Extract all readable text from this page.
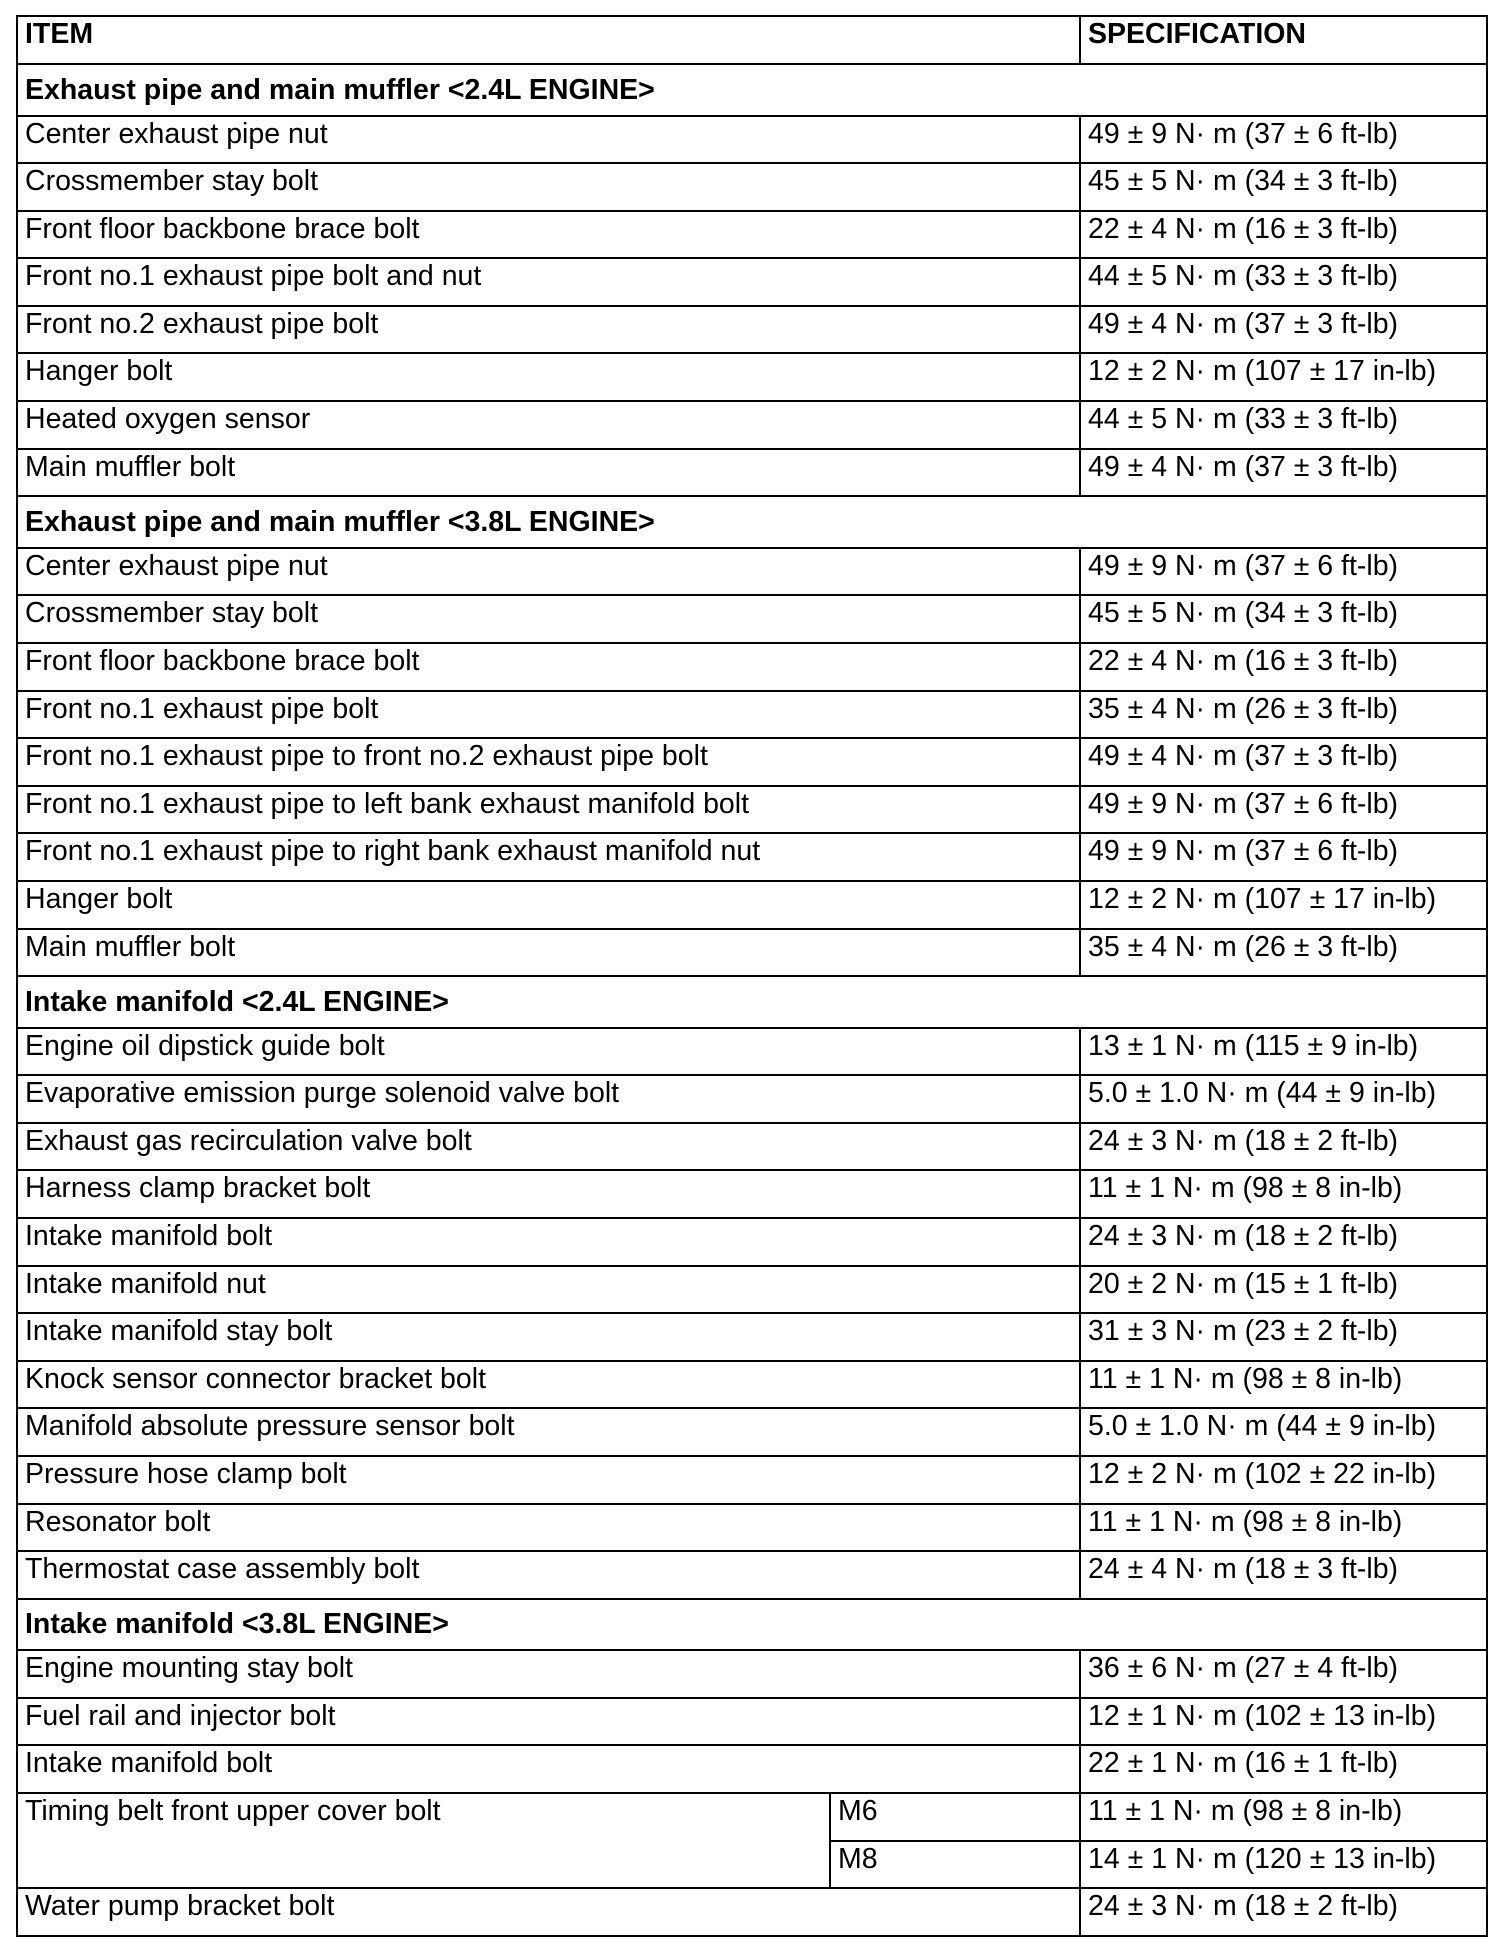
ITEM		SPECIFICATION
Exhaust pipe and main muffler <2.4L ENGINE>		
Center exhaust pipe nut		49 ± 9 N· m (37 ± 6 ft-lb)
Crossmember stay bolt		45 ± 5 N· m (34 ± 3 ft-lb)
Front floor backbone brace bolt		22 ± 4 N· m (16 ± 3 ft-lb)
Front no.1 exhaust pipe bolt and nut		44 ± 5 N· m (33 ± 3 ft-lb)
Front no.2 exhaust pipe bolt		49 ± 4 N· m (37 ± 3 ft-lb)
Hanger bolt		12 ± 2 N· m (107 ± 17 in-lb)
Heated oxygen sensor		44 ± 5 N· m (33 ± 3 ft-lb)
Main muffler bolt		49 ± 4 N· m (37 ± 3 ft-lb)
Exhaust pipe and main muffler <3.8L ENGINE>		
Center exhaust pipe nut		49 ± 9 N· m (37 ± 6 ft-lb)
Crossmember stay bolt		45 ± 5 N· m (34 ± 3 ft-lb)
Front floor backbone brace bolt		22 ± 4 N· m (16 ± 3 ft-lb)
Front no.1 exhaust pipe bolt		35 ± 4 N· m (26 ± 3 ft-lb)
Front no.1 exhaust pipe to front no.2 exhaust pipe bolt		49 ± 4 N· m (37 ± 3 ft-lb)
Front no.1 exhaust pipe to left bank exhaust manifold bolt		49 ± 9 N· m (37 ± 6 ft-lb)
Front no.1 exhaust pipe to right bank exhaust manifold nut		49 ± 9 N· m (37 ± 6 ft-lb)
Hanger bolt		12 ± 2 N· m (107 ± 17 in-lb)
Main muffler bolt		35 ± 4 N· m (26 ± 3 ft-lb)
Intake manifold <2.4L ENGINE>		
Engine oil dipstick guide bolt		13 ± 1 N· m (115 ± 9 in-lb)
Evaporative emission purge solenoid valve bolt		5.0 ± 1.0 N· m (44 ± 9 in-lb)
Exhaust gas recirculation valve bolt		24 ± 3 N· m (18 ± 2 ft-lb)
Harness clamp bracket bolt		11 ± 1 N· m (98 ± 8 in-lb)
Intake manifold bolt		24 ± 3 N· m (18 ± 2 ft-lb)
Intake manifold nut		20 ± 2 N· m (15 ± 1 ft-lb)
Intake manifold stay bolt		31 ± 3 N· m (23 ± 2 ft-lb)
Knock sensor connector bracket bolt		11 ± 1 N· m (98 ± 8 in-lb)
Manifold absolute pressure sensor bolt		5.0 ± 1.0 N· m (44 ± 9 in-lb)
Pressure hose clamp bolt		12 ± 2 N· m (102 ± 22 in-lb)
Resonator bolt		11 ± 1 N· m (98 ± 8 in-lb)
Thermostat case assembly bolt		24 ± 4 N· m (18 ± 3 ft-lb)
Intake manifold <3.8L ENGINE>		
Engine mounting stay bolt		36 ± 6 N· m (27 ± 4 ft-lb)
Fuel rail and injector bolt		12 ± 1 N· m (102 ± 13 in-lb)
Intake manifold bolt		22 ± 1 N· m (16 ± 1 ft-lb)
Timing belt front upper cover bolt	M6	11 ± 1 N· m (98 ± 8 in-lb)
	M8	14 ± 1 N· m (120 ± 13 in-lb)
Water pump bracket bolt		24 ± 3 N· m (18 ± 2 ft-lb)
